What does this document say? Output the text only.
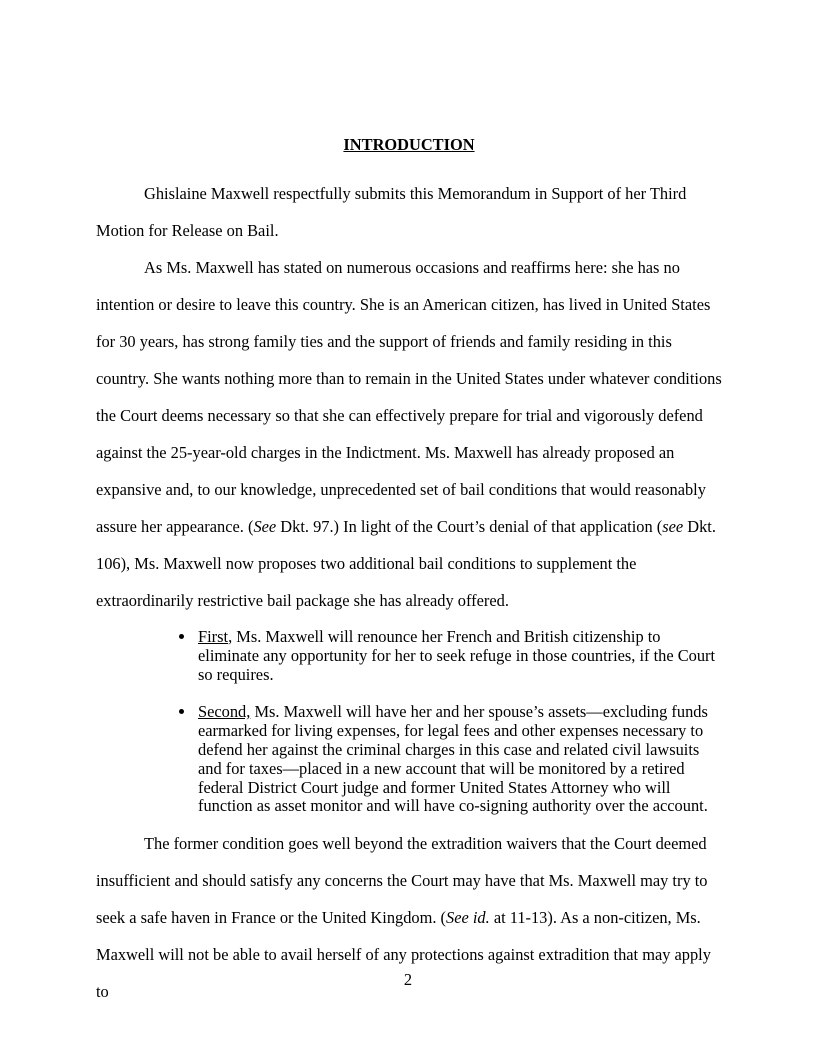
INTRODUCTION

Ghislaine Maxwell respectfully submits this Memorandum in Support of her Third Motion for Release on Bail.

As Ms. Maxwell has stated on numerous occasions and reaffirms here: she has no intention or desire to leave this country. She is an American citizen, has lived in United States for 30 years, has strong family ties and the support of friends and family residing in this country. She wants nothing more than to remain in the United States under whatever conditions the Court deems necessary so that she can effectively prepare for trial and vigorously defend against the 25-year-old charges in the Indictment. Ms. Maxwell has already proposed an expansive and, to our knowledge, unprecedented set of bail conditions that would reasonably assure her appearance. (See Dkt. 97.) In light of the Court’s denial of that application (see Dkt. 106), Ms. Maxwell now proposes two additional bail conditions to supplement the extraordinarily restrictive bail package she has already offered.

• First, Ms. Maxwell will renounce her French and British citizenship to eliminate any opportunity for her to seek refuge in those countries, if the Court so requires.
• Second, Ms. Maxwell will have her and her spouse’s assets—excluding funds earmarked for living expenses, for legal fees and other expenses necessary to defend her against the criminal charges in this case and related civil lawsuits and for taxes—placed in a new account that will be monitored by a retired federal District Court judge and former United States Attorney who will function as asset monitor and will have co-signing authority over the account.

The former condition goes well beyond the extradition waivers that the Court deemed insufficient and should satisfy any concerns the Court may have that Ms. Maxwell may try to seek a safe haven in France or the United Kingdom. (See id. at 11-13). As a non-citizen, Ms. Maxwell will not be able to avail herself of any protections against extradition that may apply to

2
